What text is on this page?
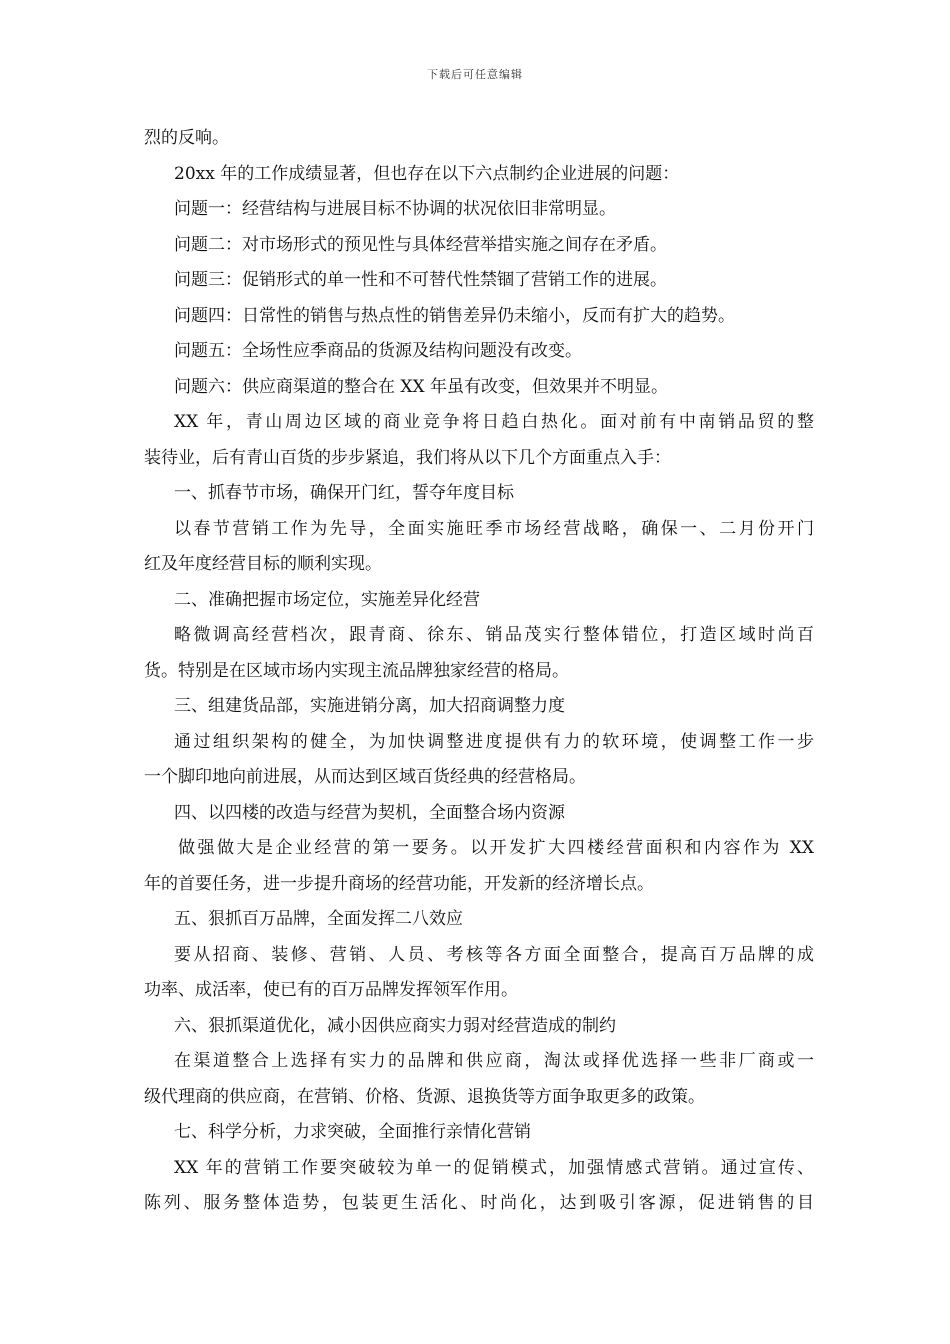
下载后可任意编辑
烈的反响。
20xx 年的工作成绩显著，但也存在以下六点制约企业进展的问题：
问题一：经营结构与进展目标不协调的状况依旧非常明显。
问题二：对市场形式的预见性与具体经营举措实施之间存在矛盾。
问题三：促销形式的单一性和不可替代性禁锢了营销工作的进展。
问题四：日常性的销售与热点性的销售差异仍未缩小，反而有扩大的趋势。
问题五：全场性应季商品的货源及结构问题没有改变。
问题六：供应商渠道的整合在 XX 年虽有改变，但效果并不明显。
XX 年，青山周边区域的商业竞争将日趋白热化。面对前有中南销品贸的整
装待业，后有青山百货的步步紧追，我们将从以下几个方面重点入手：
一、抓春节市场，确保开门红，誓夺年度目标
以春节营销工作为先导，全面实施旺季市场经营战略，确保一、二月份开门
红及年度经营目标的顺利实现。
二、准确把握市场定位，实施差异化经营
略微调高经营档次，跟青商、徐东、销品茂实行整体错位，打造区域时尚百
货。特别是在区域市场内实现主流品牌独家经营的格局。
三、组建货品部，实施进销分离，加大招商调整力度
通过组织架构的健全，为加快调整进度提供有力的软环境，使调整工作一步
一个脚印地向前进展，从而达到区域百货经典的经营格局。
四、以四楼的改造与经营为契机，全面整合场内资源
做强做大是企业经营的第一要务。以开发扩大四楼经营面积和内容作为 XX
年的首要任务，进一步提升商场的经营功能，开发新的经济增长点。
五、狠抓百万品牌，全面发挥二八效应
要从招商、装修、营销、人员、考核等各方面全面整合，提高百万品牌的成
功率、成活率，使已有的百万品牌发挥领军作用。
六、狠抓渠道优化，减小因供应商实力弱对经营造成的制约
在渠道整合上选择有实力的品牌和供应商，淘汰或择优选择一些非厂商或一
级代理商的供应商，在营销、价格、货源、退换货等方面争取更多的政策。
七、科学分析，力求突破，全面推行亲情化营销
XX 年的营销工作要突破较为单一的促销模式，加强情感式营销。通过宣传、
陈列、服务整体造势，包装更生活化、时尚化，达到吸引客源，促进销售的目
